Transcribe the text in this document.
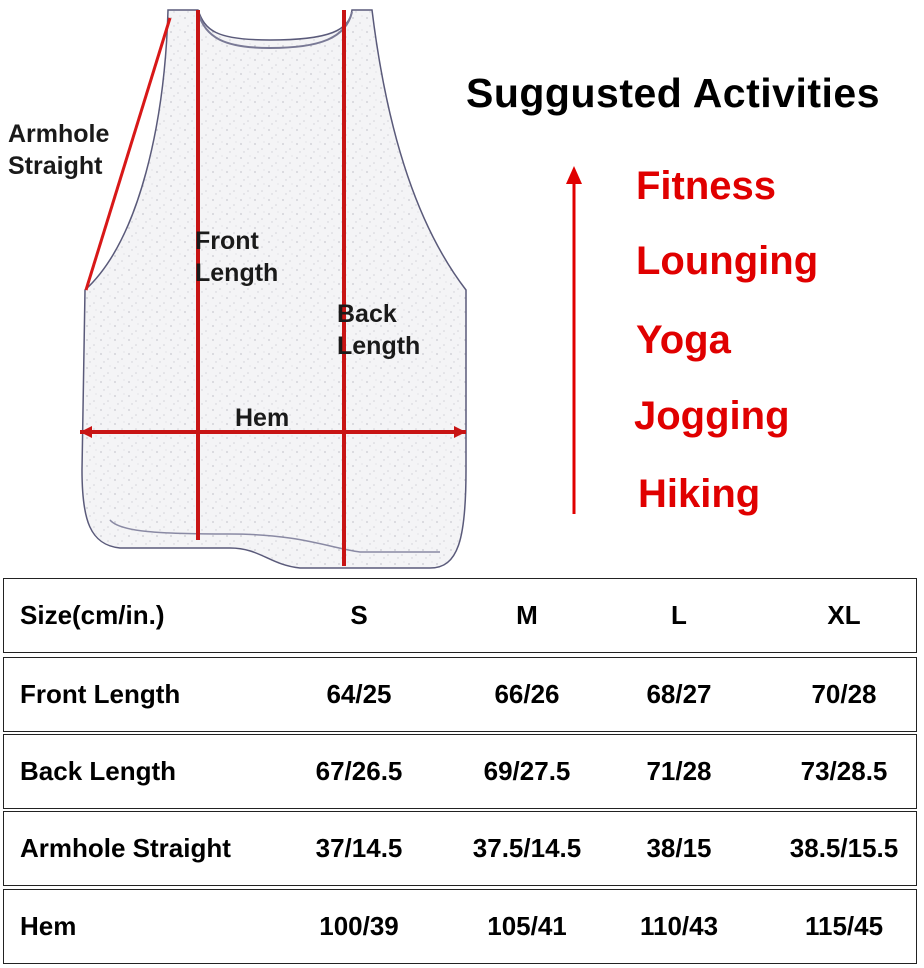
Armhole
Straight
Front
Length
Back
Length
Hem
Suggusted Activities
Fitness
Lounging
Yoga
Jogging
Hiking
Size(cm/in.)	S	M	L	XL
Front Length	64/25	66/26	68/27	70/28
Back Length	67/26.5	69/27.5	71/28	73/28.5
Armhole Straight	37/14.5	37.5/14.5	38/15	38.5/15.5
Hem	100/39	105/41	110/43	115/45
